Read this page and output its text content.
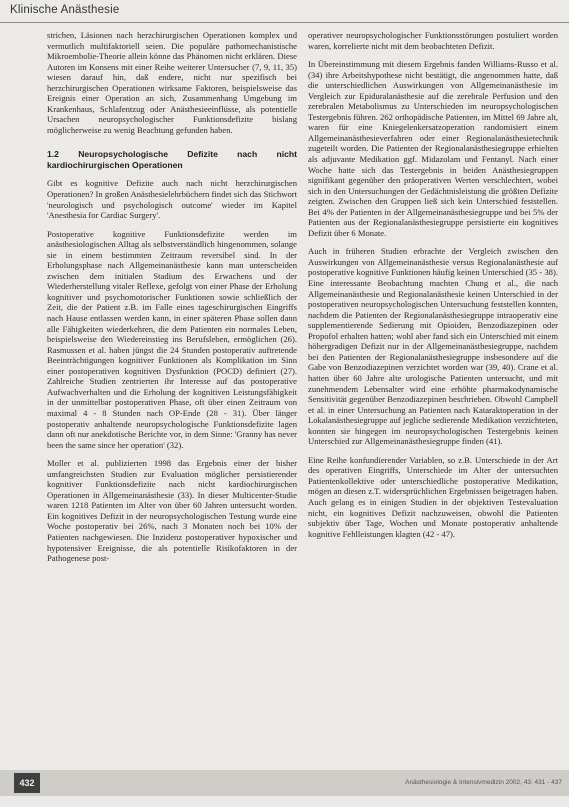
Klinische Anästhesie

strichen, Läsionen nach herzchirurgischen Operationen komplex und vermutlich multifaktoriell seien. Die populäre pathomechanistische Mikroembolie-Theorie allein könne das Phänomen nicht erklären. Diese Autoren im Konsens mit einer Reihe weiterer Untersucher (7, 9, 11, 35) wiesen darauf hin, daß endere, nicht nur spezifisch bei herzchirurgischen Operationen wirksame Faktoren, beispielsweise das Ereignis einer Operation an sich, Zusammenhang Umgebung im Krankenhaus, Schlafentzug oder Anästhesieeinflüsse, als potentielle Ursachen neuropsychologischer Funktionsdefizite bislang möglicherweise zu wenig Beachtung gefunden haben.

1.2 Neuropsychologische Defizite nach nicht kardiochirurgischen Operationen

Gibt es kognitive Defizite auch nach nicht herzchirurgischen Operationen? In großen Anästhesielehrbüchern findet sich das Stichwort 'neurologisch und psychologisch outcome' wieder im Kapitel 'Anesthesia for Cardiac Surgery'.

Postoperative kognitive Funktionsdefizite werden im anästhesiologischen Alltag als selbstverständlich hingenommen, solange sie in einem bestimmten Zeitraum reversibel sind. In der Erholungsphase nach Allgemeinanästhesie kann man unterscheiden zwischen dem initialen Stadium des Erwachens und der Wiederherstellung vitaler Reflexe, gefolgt von einer Phase der Erholung kognitiver und psychomotorischer Funktionen sowie schließlich der Zeit, die der Patient z.B. im Falle eines tageschirurgischen Eingriffs nach Hause entlassen werden kann, in einer späteren Phase sollen dann alle Fähigkeiten wiederkehren, die dem Patienten ein normales Leben, beispielsweise den Wiedereinstieg ins Berufsleben, ermöglichen (26). Rasmussen et al. haben jüngst die 24 Stunden postoperativ auftretende Beeinträchtigungen kognitiver Funktionen als Komplikation im Sinn einer postoperativen kognitiven Dysfunktion (POCD) definiert (27). Zahlreiche Studien zentrierten ihr Interesse auf das postoperative Aufwachverhalten und die Erholung der kognitiven Leistungsfähigkeit in der unmittelbar postoperativen Phase, oft über einen Zeitraum von maximal 4 - 8 Stunden nach OP-Ende (28 - 31). Über länger postoperativ anhaltende neuropsychologische Funktionsdefizite lagen dann oft nur anekdotische Berichte vor, in dem Sinne: 'Granny has never been the same since her operation' (32).

Moller et al. publizierten 1998 das Ergebnis einer der bisher umfangreichsten Studien zur Evaluation möglicher persistierender kognitiver Funktionsdefizite nach nicht kardiochirurgischen Operationen in Allgemeinanästhesie (33). In dieser Multicenter-Studie waren 1218 Patienten im Alter von über 60 Jahren untersucht worden. Ein kognitives Defizit in der neuropsychologischen Testung wurde eine Woche postoperativ bei 26%, nach 3 Monaten noch bei 10% der Patienten nachgewiesen. Die Inzidenz postoperativer hypoxischer und hypotensiver Ereignisse, die als potentielle Risikofaktoren in der Pathogenese post-

operativer neuropsychologischer Funktionsstörungen postuliert worden waren, korrelierte nicht mit dem beobachteten Defizit.

In Übereinstimmung mit diesem Ergebnis fanden Williams-Russo et al. (34) ihre Arbeitshypothese nicht bestätigt, die angenommen hatte, daß die unterschiedlichen Auswirkungen von Allgemeinanästhesie im Vergleich zur Epiduralanästhesie auf die zerebrale Perfusion und den zerebralen Metabolismus zu Unterschieden im neuropsychologischen Testergebnis führen. 262 orthopädische Patienten, im Mittel 69 Jahre alt, waren für eine Kniegelenkersatzoperation randomisiert einem Allgemeinanästhesieverfahren oder einer Regionalanästhesietechnik zugeteilt worden. Die Patienten der Regionalanästhesiegruppe erhielten als adjuvante Medikation ggf. Midazolam und Fentanyl. Nach einer Woche hatte sich das Testergebnis in beiden Anästhesiegruppen signifikant gegenüber den präoperativen Werten verschlechtert, wobei sich in den Untersuchungen der Gedächtnisleistung die größten Defizite zeigten. Zwischen den Gruppen ließ sich kein Unterschied feststellen. Bei 4% der Patienten in der Allgemeinanästhesiegruppe und bei 5% der Patienten aus der Regionalanästhesiegruppe persistierte ein kognitives Defizit über 6 Monate.

Auch in früheren Studien erbrachte der Vergleich zwischen den Auswirkungen von Allgemeinanästhesie versus Regionalanästhesie auf postoperative kognitive Funktionen häufig keinen Unterschied (35 - 38). Eine interessante Beobachtung machten Chung et al., die nach Allgemeinanästhesie und Regionalanästhesie keinen Unterschied in der postoperativen neuropsychologischen Untersuchung feststellen konnten, nachdem die Patienten der Regionalanästhesiegruppe intraoperativ eine supplementierende Sedierung mit Opioiden, Benzodiazepinen oder Propofol erhalten hatten; wohl aber fand sich ein Unterschied mit einem höhergradigen Defizit nur in der Allgemeinanästhesiegruppe, nachdem bei den Patienten der Regionalanästhesiegruppe insbesondere auf die Gabe von Benzodiazepinen verzichtet worden war (39, 40). Crane et al. hatten über 60 Jahre alte urologische Patienten untersucht, und mit zunehmendem Lebensalter wird eine erhöhte pharmakodynamische Sensitivität gegenüber Benzodiazepinen beschrieben. Obwohl Campbell et al. in einer Untersuchung an Patienten nach Kataraktoperation in der Lokalanästhesiegruppe auf jegliche sedierende Medikation verzichteten, konnten sie hingegen im neuropsychologischen Testergebnis keinen Unterschied zur Allgemeinanästhesiegruppe finden (41).

Eine Reihe konfundierender Variablen, so z.B. Unterschiede in der Art des operativen Eingriffs, Unterschiede im Alter der untersuchten Patientenkollektive oder unterschiedliche postoperative Medikation, mögen an diesen z.T. widersprüchlichen Ergebnissen beigetragen haben. Auch gelang es in einigen Studien in der objektiven Testevaluation nicht, ein kognitives Defizit nachzuweisen, obwohl die Patienten subjektiv über Tage, Wochen und Monate postoperativ anhaltende kognitive Fehlleistungen klagten (42 - 47).

432	Anästhesiologie & Intensivmedizin 2002, 43: 431 - 437
